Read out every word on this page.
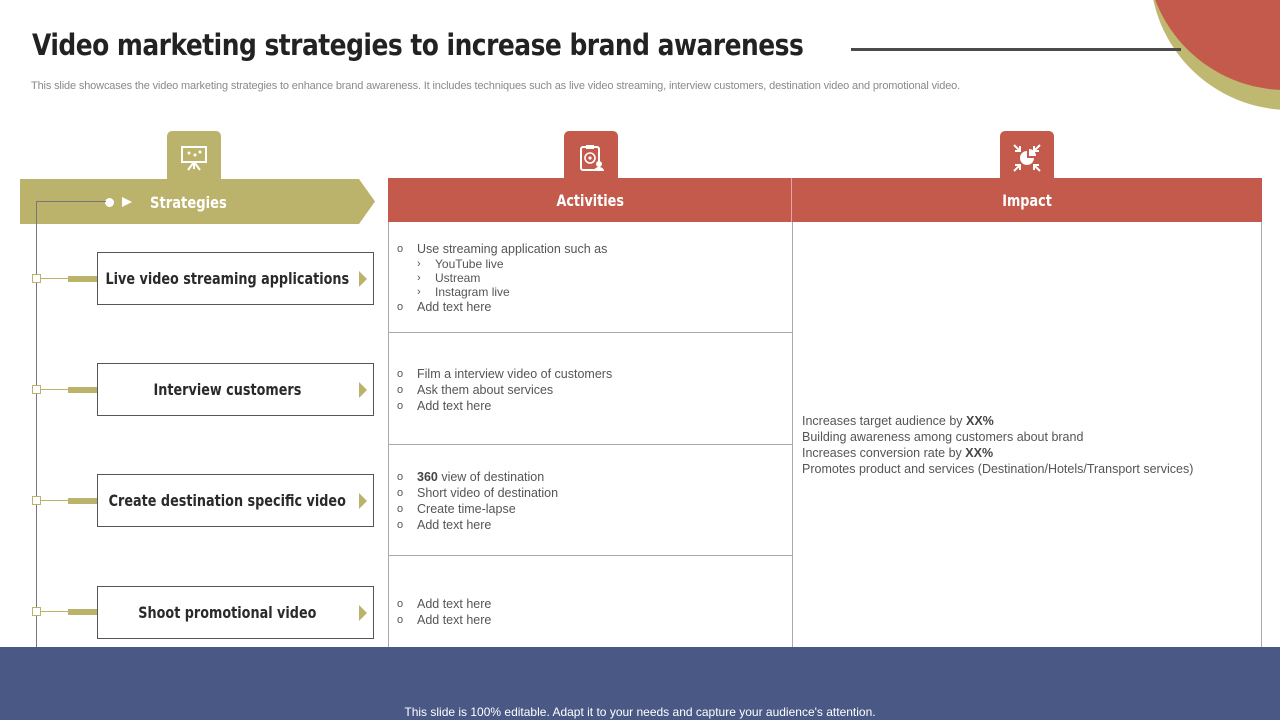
Video marketing strategies to increase brand awareness
This slide showcases the video marketing strategies to enhance brand awareness. It includes techniques such as live video streaming, interview customers, destination video and promotional video.
Strategies
Live video streaming applications
Interview customers
Create destination specific video
Shoot promotional video
Activities	Impact
o Use streaming application such as
› YouTube live
› Ustream
› Instagram live
o Add text here
o Film a interview video of customers
o Ask them about services
o Add text here
o 360 view of destination
o Short video of destination
o Create time-lapse
o Add text here
o Add text here
o Add text here
Increases target audience by XX%
Building awareness among customers about brand
Increases conversion rate by XX%
Promotes product and services (Destination/Hotels/Transport services)
This slide is 100% editable. Adapt it to your needs and capture your audience's attention.
